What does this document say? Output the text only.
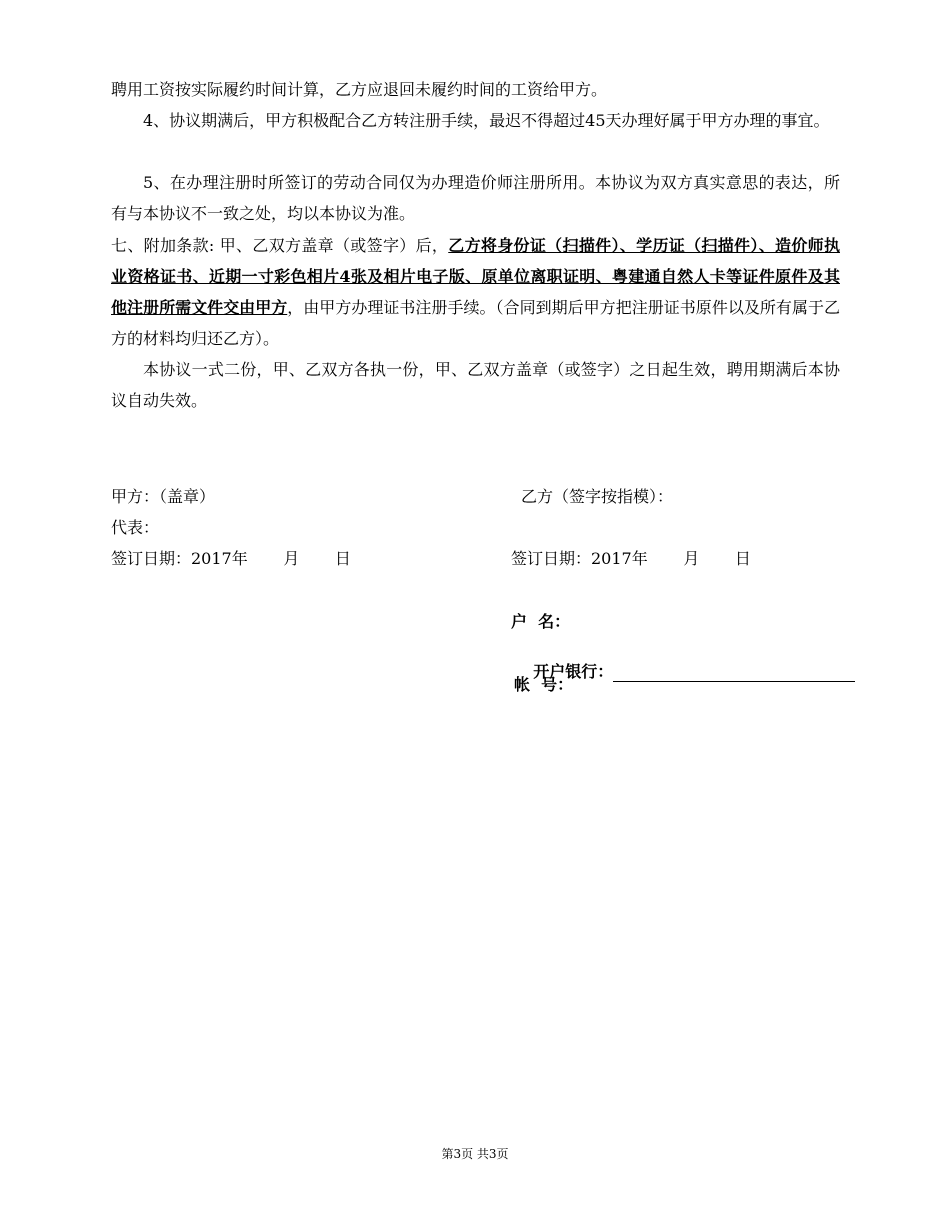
聘用工资按实际履约时间计算，乙方应退回未履约时间的工资给甲方。
4、协议期满后，甲方积极配合乙方转注册手续，最迟不得超过45天办理好属于甲方办理的事宜。
5、在办理注册时所签订的劳动合同仅为办理造价师注册所用。本协议为双方真实意思的表达，所有与本协议不一致之处，均以本协议为准。
七、附加条款: 甲、乙双方盖章（或签字）后，乙方将身份证（扫描件）、学历证（扫描件）、造价师执业资格证书、近期一寸彩色相片4张及相片电子版、原单位离职证明、粤建通自然人卡等证件原件及其他注册所需文件交由甲方，由甲方办理证书注册手续。（合同到期后甲方把注册证书原件以及所有属于乙方的材料均归还乙方）。
本协议一式二份，甲、乙双方各执一份，甲、乙双方盖章（或签字）之日起生效，聘用期满后本协议自动失效。
甲方：（盖章）	乙方（签字按指模）：
代表：
签订日期：2017年       月       日	签订日期：2017年       月       日
户  名：

开户银行：

帐  号：
第3页 共3页
